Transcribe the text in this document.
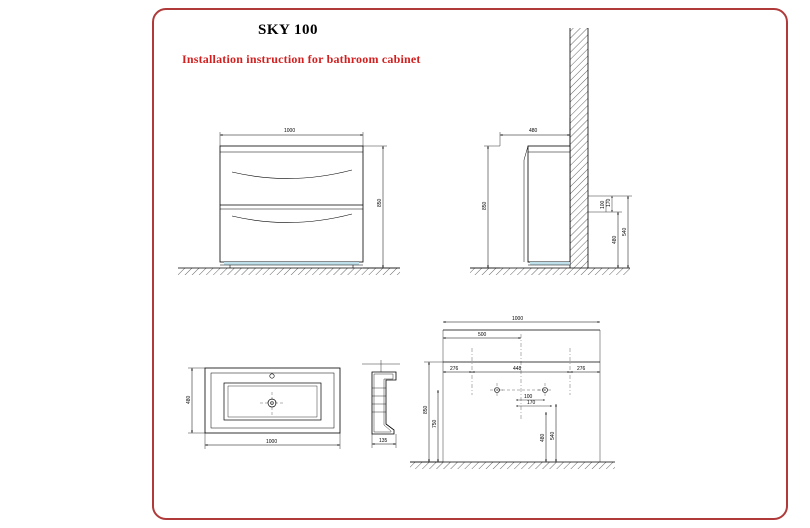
SKY 100
Installation instruction for bathroom cabinet
1000
850
480
850	170
100
480
540
480
1000	135
1000
500
276	448	276
100
170
850
750
480 540
